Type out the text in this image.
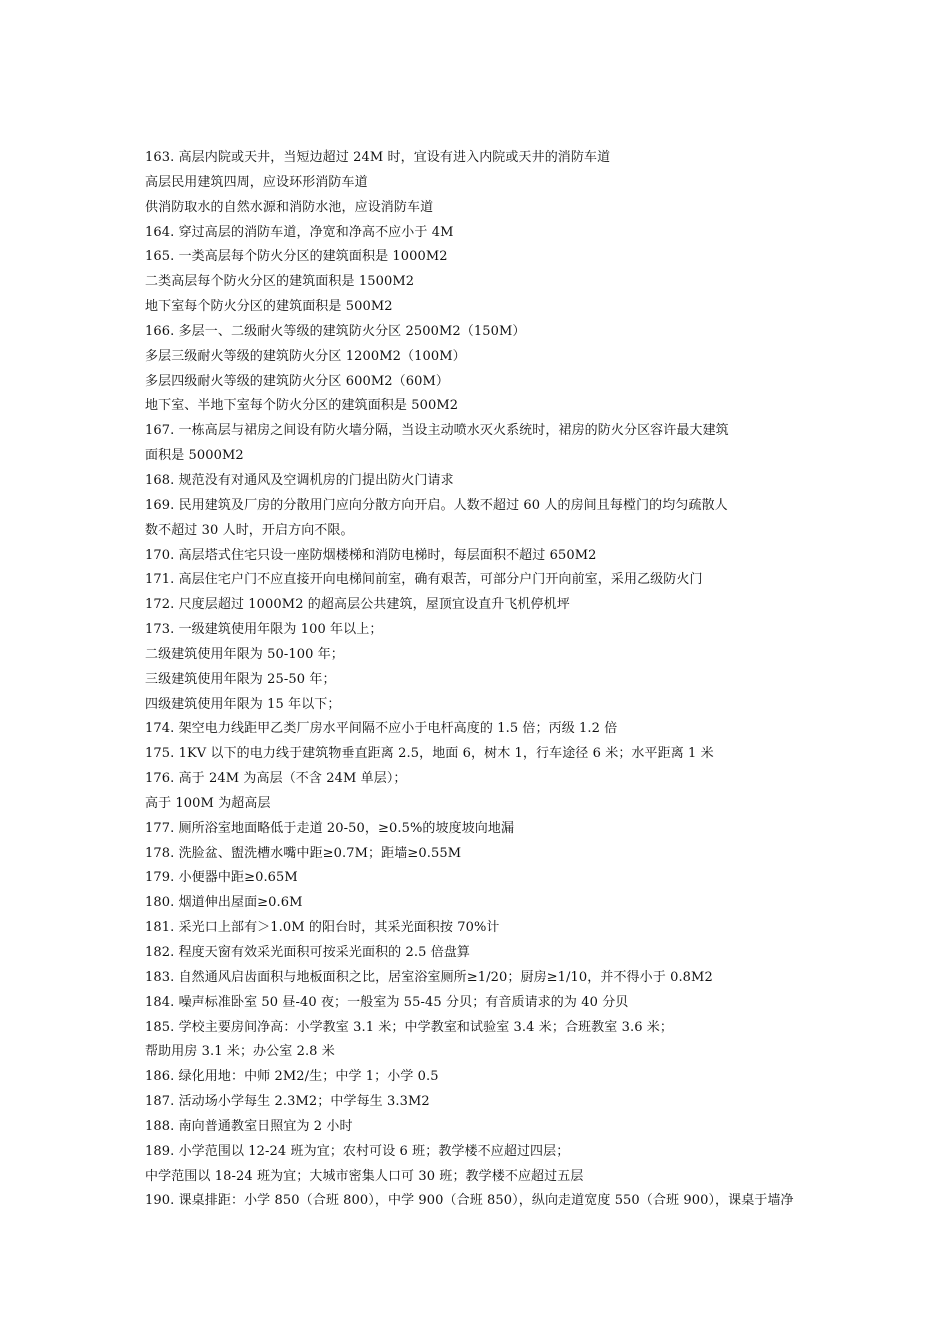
163. 高层内院或天井，当短边超过 24M 时，宜设有进入内院或天井的消防车道
高层民用建筑四周，应设环形消防车道
供消防取水的自然水源和消防水池，应设消防车道
164. 穿过高层的消防车道，净宽和净高不应小于 4M
165. 一类高层每个防火分区的建筑面积是 1000M2
二类高层每个防火分区的建筑面积是 1500M2
地下室每个防火分区的建筑面积是 500M2
166. 多层一、二级耐火等级的建筑防火分区 2500M2（150M）
多层三级耐火等级的建筑防火分区 1200M2（100M）
多层四级耐火等级的建筑防火分区 600M2（60M）
地下室、半地下室每个防火分区的建筑面积是 500M2
167. 一栋高层与裙房之间设有防火墙分隔，当设主动喷水灭火系统时，裙房的防火分区容许最大建筑
面积是 5000M2
168. 规范没有对通风及空调机房的门提出防火门请求
169. 民用建筑及厂房的分散用门应向分散方向开启。人数不超过 60 人的房间且每樘门的均匀疏散人
数不超过 30 人时，开启方向不限。
170. 高层塔式住宅只设一座防烟楼梯和消防电梯时，每层面积不超过 650M2
171. 高层住宅户门不应直接开向电梯间前室，确有艰苦，可部分户门开向前室，采用乙级防火门
172. 尺度层超过 1000M2 的超高层公共建筑，屋顶宜设直升飞机停机坪
173. 一级建筑使用年限为 100 年以上；
二级建筑使用年限为 50-100 年；
三级建筑使用年限为 25-50 年；
四级建筑使用年限为 15 年以下；
174. 架空电力线距甲乙类厂房水平间隔不应小于电杆高度的 1.5 倍；丙级 1.2 倍
175. 1KV 以下的电力线于建筑物垂直距离 2.5，地面 6，树木 1，行车途径 6 米；水平距离 1 米
176. 高于 24M 为高层（不含 24M 单层）；
高于 100M 为超高层
177. 厕所浴室地面略低于走道 20-50，≥0.5%的坡度坡向地漏
178. 洗脸盆、盥洗槽水嘴中距≥0.7M；距墙≥0.55M
179. 小便器中距≥0.65M
180. 烟道伸出屋面≥0.6M
181. 采光口上部有＞1.0M 的阳台时，其采光面积按 70%计
182. 程度天窗有效采光面积可按采光面积的 2.5 倍盘算
183. 自然通风启齿面积与地板面积之比，居室浴室厕所≥1/20；厨房≥1/10，并不得小于 0.8M2
184. 噪声标准卧室 50 昼-40 夜；一般室为 55-45 分贝；有音质请求的为 40 分贝
185. 学校主要房间净高：小学教室 3.1 米；中学教室和试验室 3.4 米；合班教室 3.6 米；
帮助用房 3.1 米；办公室 2.8 米
186. 绿化用地：中师 2M2/生；中学 1；小学 0.5
187. 活动场小学每生 2.3M2；中学每生 3.3M2
188. 南向普通教室日照宜为 2 小时
189. 小学范围以 12-24 班为宜；农村可设 6 班；教学楼不应超过四层；
中学范围以 18-24 班为宜；大城市密集人口可 30 班；教学楼不应超过五层
190. 课桌排距：小学 850（合班 800），中学 900（合班 850），纵向走道宽度 550（合班 900），课桌于墙净
